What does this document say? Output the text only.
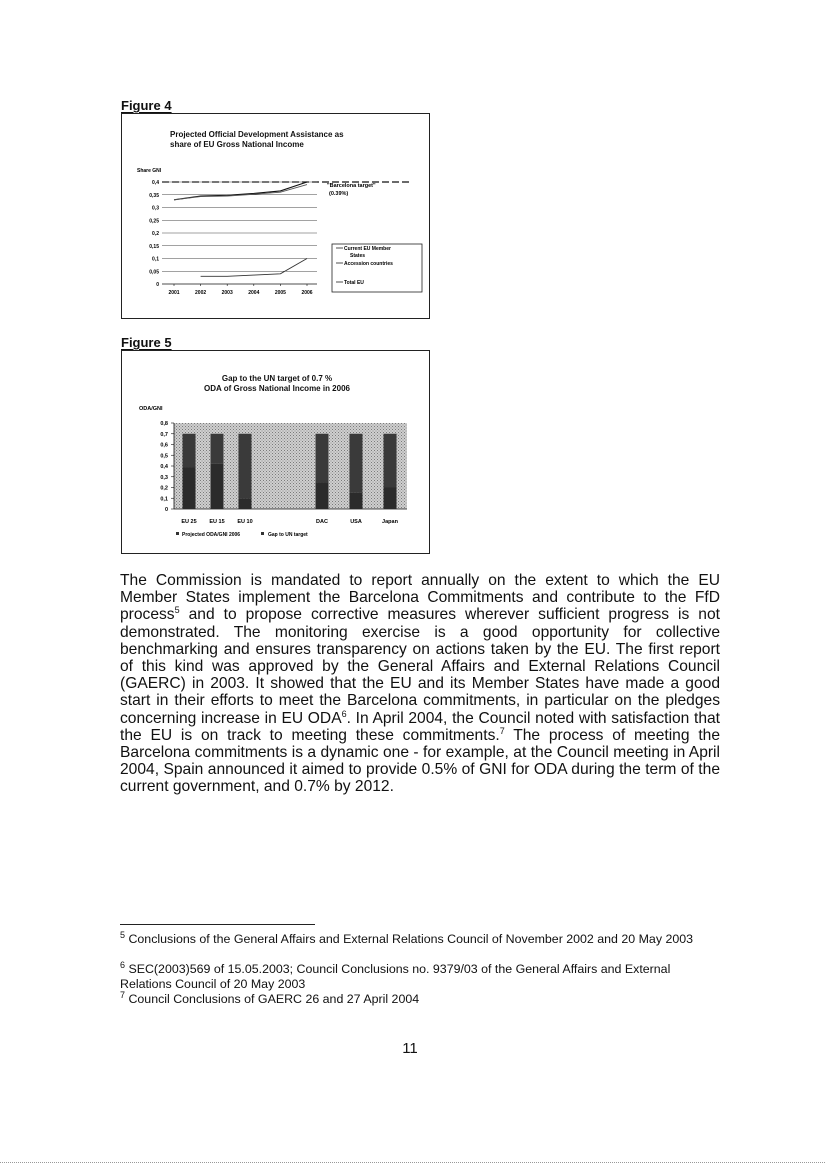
Figure 4
Projected Official Development Assistance as
share of EU Gross National Income
Share GNI
"Barcelona target"
(0.39%)
Current EU Member
States
Accession countries
Total EU
0
0,05
0,1
0,15
0,2
0,25
0,3
0,35
0,4
2001	2002	2003	2004	2005	2006
Figure 5
Gap to the UN target of 0.7 %
ODA of Gross National Income in 2006
ODA/GNI
Projected ODA/GNI 2006	Gap to UN target
0
0,1
0,2
0,3
0,4
0,5
0,6
0,7
0,8
EU 25 EU 15 EU 10	DAC	USA	Japan
The Commission is mandated to report annually on the extent to which the EU Member States implement the Barcelona Commitments and contribute to the FfD process$^5$ and to propose corrective measures wherever sufficient progress is not demonstrated. The monitoring exercise is a good opportunity for collective benchmarking and ensures transparency on actions taken by the EU. The first report of this kind was approved by the General Affairs and External Relations Council (GAERC) in 2003. It showed that the EU and its Member States have made a good start in their efforts to meet the Barcelona commitments, in particular on the pledges concerning increase in EU ODA$^6$. In April 2004, the Council noted with satisfaction that the EU is on track to meeting these commitments.$^7$ The process of meeting the Barcelona commitments is a dynamic one - for example, at the Council meeting in April 2004, Spain announced it aimed to provide 0.5% of GNI for ODA during the term of the current government, and 0.7% by 2012.
$^5$ Conclusions of the General Affairs and External Relations Council of November 2002 and 20 May 2003
$^6$ SEC(2003)569 of 15.05.2003; Council Conclusions no. 9379/03 of the General Affairs and External Relations Council of 20 May 2003
$^7$ Council Conclusions of GAERC 26 and 27 April 2004
11
